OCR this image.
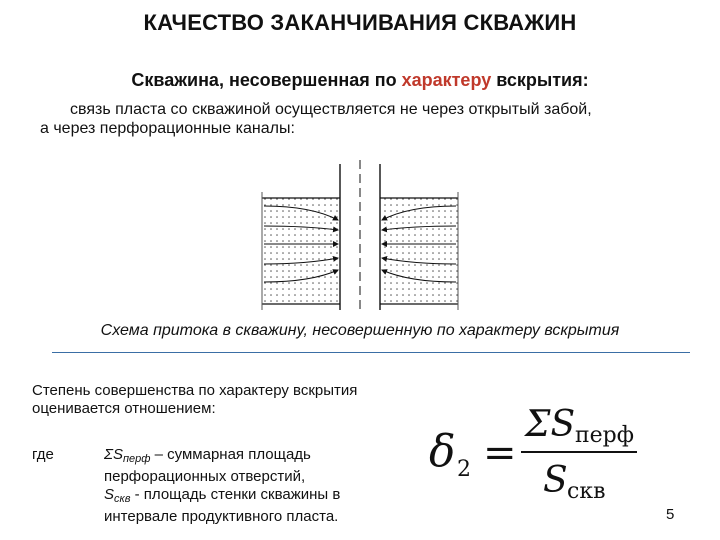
КАЧЕСТВО ЗАКАНЧИВАНИЯ СКВАЖИН
Скважина, несовершенная по характеру вскрытия:
связь пласта со скважиной осуществляется не через открытый забой,
а через перфорационные каналы:
Схема притока в скважину, несовершенную по характеру вскрытия
Степень совершенства по характеру вскрытия оценивается отношением:
где	$\Sigma S_{перф}$ – суммарная площадь перфорационных отверстий,
$S_{скв}$ - площадь стенки скважины в интервале продуктивного пласта.
δ 2 =
ΣS перф
S скв
5
